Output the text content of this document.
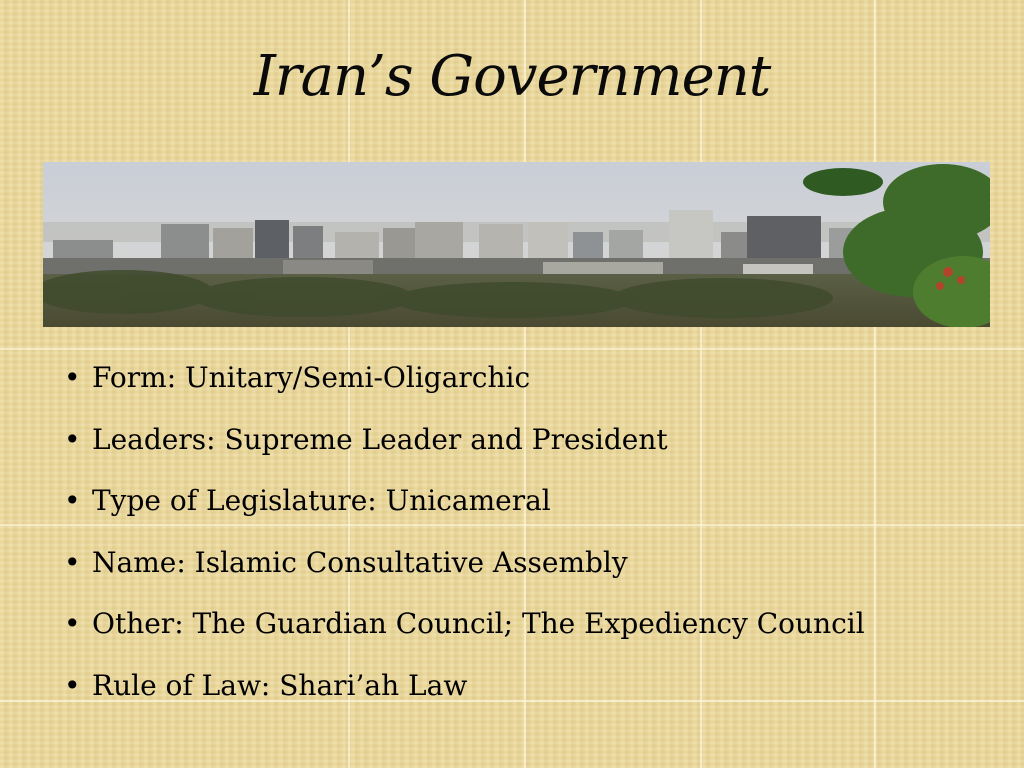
Iran’s Government
• Form: Unitary/Semi-Oligarchic
• Leaders: Supreme Leader and President
• Type of Legislature: Unicameral
• Name: Islamic Consultative Assembly
• Other: The Guardian Council; The Expediency Council
• Rule of Law: Shari’ah Law
